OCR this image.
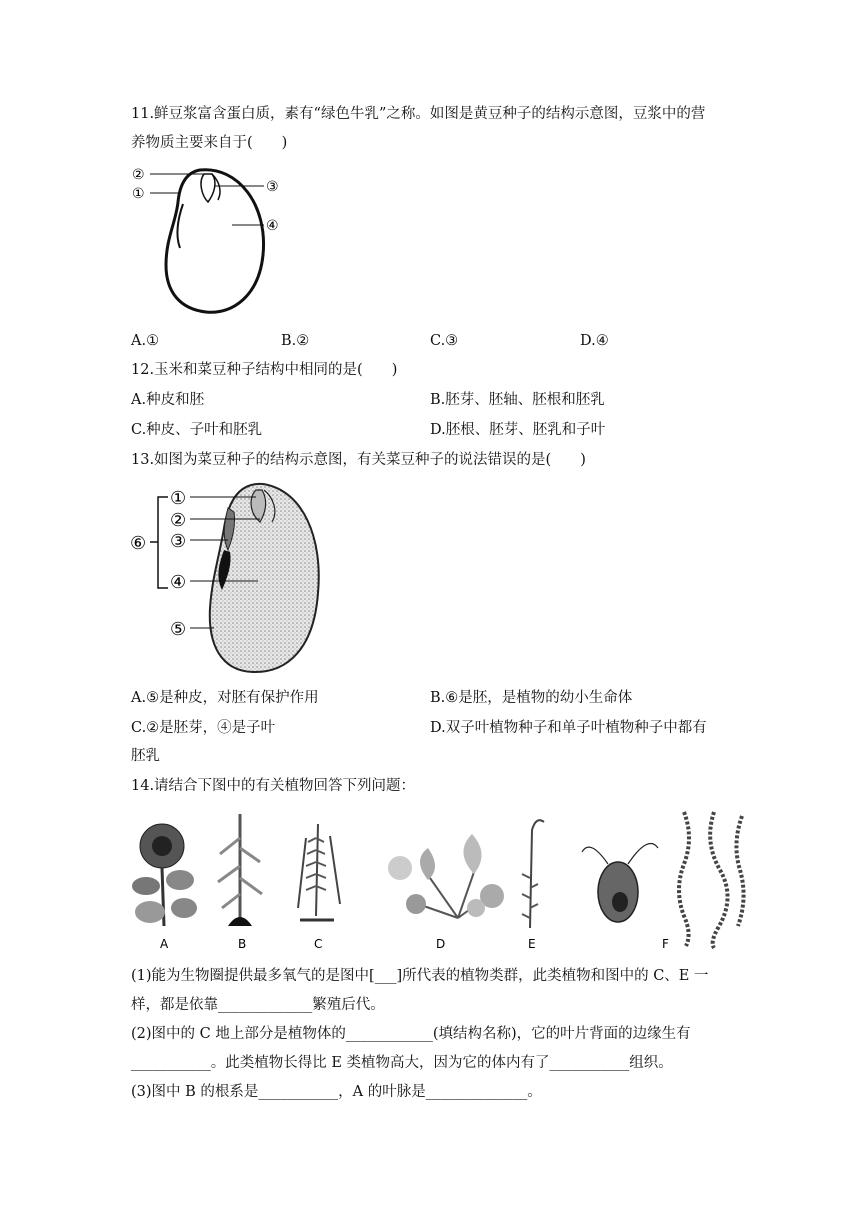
11.鲜豆浆富含蛋白质，素有“绿色牛乳”之称。如图是黄豆种子的结构示意图，豆浆中的营
养物质主要来自于(　　)
②
①	③
④
A.①	B.②	C.③	D.④
12.玉米和菜豆种子结构中相同的是(　　)
A.种皮和胚	B.胚芽、胚轴、胚根和胚乳
C.种皮、子叶和胚乳	D.胚根、胚芽、胚乳和子叶
13.如图为菜豆种子的结构示意图，有关菜豆种子的说法错误的是(　　)
①
②
③
④
⑤
⑥
A.⑤是种皮，对胚有保护作用	B.⑥是胚，是植物的幼小生命体
C.②是胚芽，④是子叶	D.双子叶植物种子和单子叶植物种子中都有
胚乳
14.请结合下图中的有关植物回答下列问题：
A	B	C	D	E	F
(1)能为生物圈提供最多氧气的是图中[___]所代表的植物类群，此类植物和图中的 C、E 一
样，都是依靠_____________繁殖后代。
(2)图中的 C 地上部分是植物体的____________(填结构名称)，它的叶片背面的边缘生有
___________。此类植物长得比 E 类植物高大，因为它的体内有了___________组织。
(3)图中 B 的根系是___________，A 的叶脉是______________。
